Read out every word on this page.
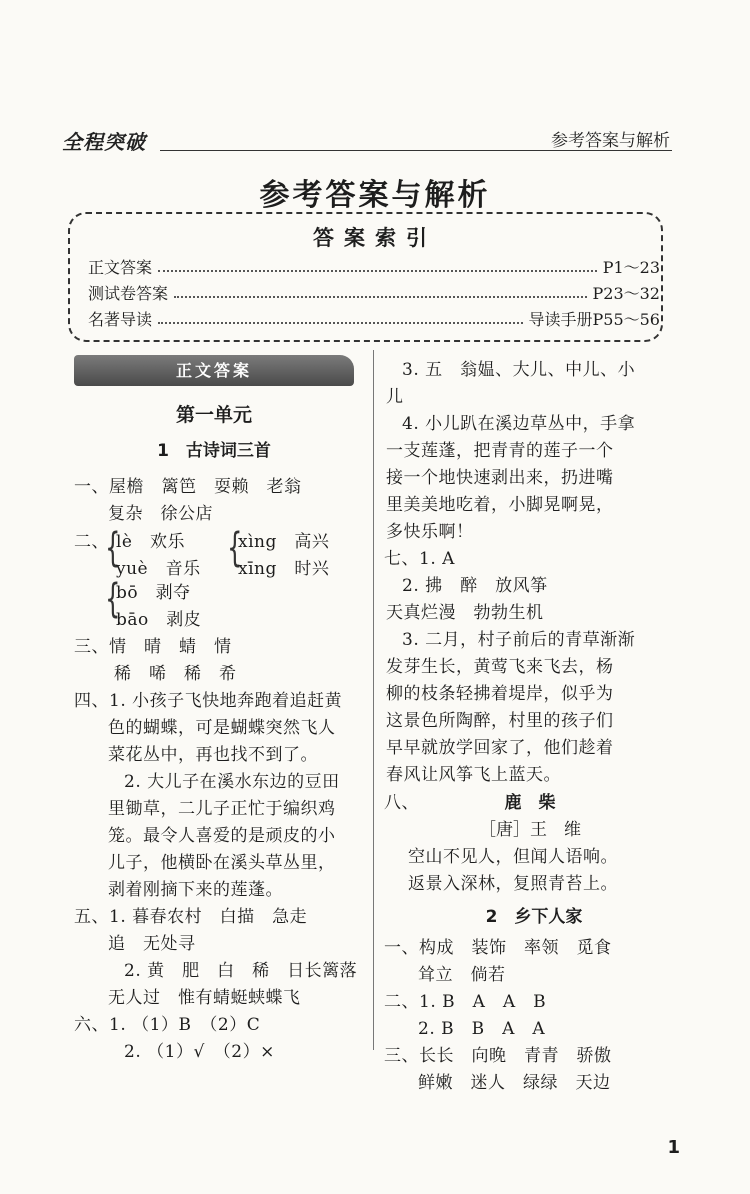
全程突破	参考答案与解析
参考答案与解析
答案索引
正文答案	P1～23
测试卷答案	P23～32
名著导读	导读手册P55～56
正文答案
第一单元
1　古诗词三首
一、屋檐　篱笆　耍赖　老翁
复杂　徐公店
二、
{
lè　欢乐
yuè　音乐 {
xìng　高兴
xīng　时兴
{
bō　剥夺
bāo　剥皮
三、情　晴　蜻　情
稀　唏　稀　希
四、1. 小孩子飞快地奔跑着追赶黄
色的蝴蝶，可是蝴蝶突然飞人
菜花丛中，再也找不到了。
2. 大儿子在溪水东边的豆田
里锄草，二儿子正忙于编织鸡
笼。最令人喜爱的是顽皮的小
儿子，他横卧在溪头草丛里，
剥着刚摘下来的莲蓬。
五、1. 暮春农村　白描　急走
追　无处寻
2. 黄　肥　白　稀　日长篱落
无人过　惟有蜻蜓蛱蝶飞
六、1. （1）B　（2）C
2. （1）√　（2）×
3. 五　翁媪、大儿、中儿、小
儿
4. 小儿趴在溪边草丛中，手拿
一支莲蓬，把青青的莲子一个
接一个地快速剥出来，扔进嘴
里美美地吃着，小脚晃啊晃，
多快乐啊！
七、1. A
2. 拂　醉　放风筝
天真烂漫　勃勃生机
3. 二月，村子前后的青草渐渐
发芽生长，黄莺飞来飞去，杨
柳的枝条轻拂着堤岸，似乎为
这景色所陶醉，村里的孩子们
早早就放学回家了，他们趁着
春风让风筝飞上蓝天。
八、	鹿　柴
［唐］王　维
空山不见人，但闻人语响。
返景入深林，复照青苔上。
2　乡下人家
一、构成　装饰　率领　觅食
耸立　倘若
二、1. B　A　A　B
2. B　B　A　A
三、长长　向晚　青青　骄傲
鲜嫩　迷人　绿绿　天边
1
